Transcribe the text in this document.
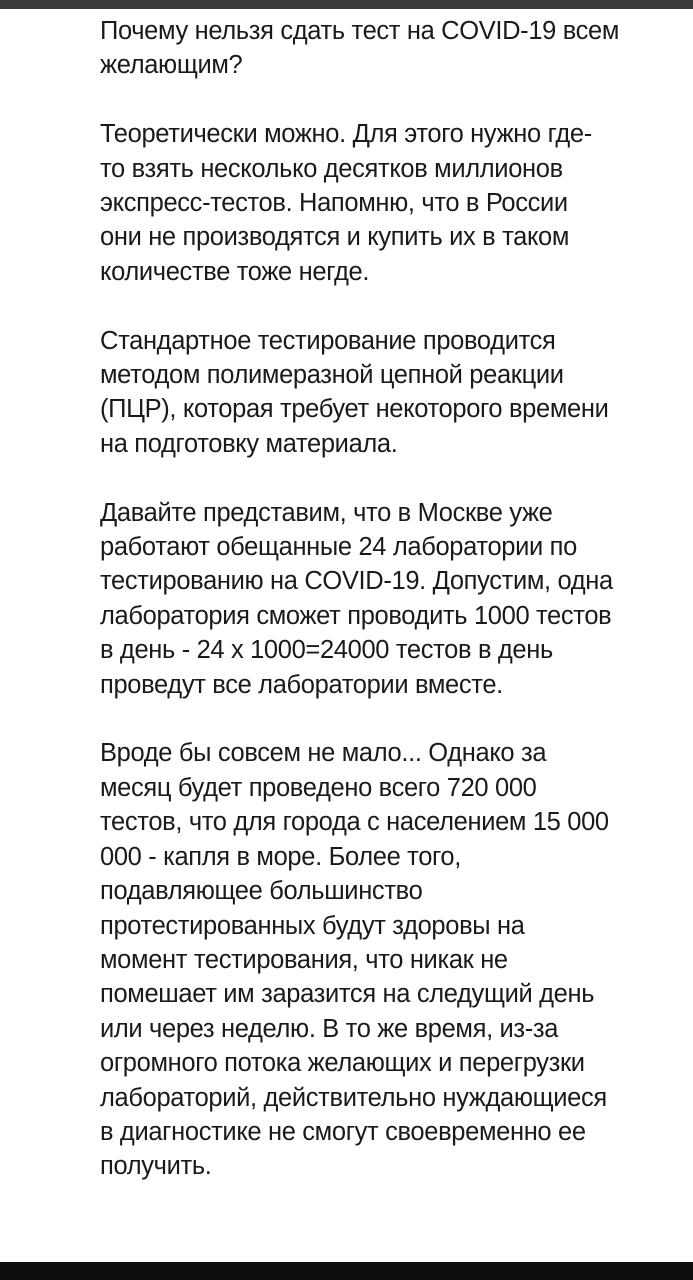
Почему нельзя сдать тест на COVID-19 всем
желающим?

Теоретически можно. Для этого нужно где-
то взять несколько десятков миллионов
экспресс-тестов. Напомню, что в России
они не производятся и купить их в таком
количестве тоже негде.

Стандартное тестирование проводится
методом полимеразной цепной реакции
(ПЦР), которая требует некоторого времени
на подготовку материала.

Давайте представим, что в Москве уже
работают обещанные 24 лаборатории по
тестированию на COVID-19. Допустим, одна
лаборатория сможет проводить 1000 тестов
в день - 24 х 1000=24000 тестов в день
проведут все лаборатории вместе.

Вроде бы совсем не мало... Однако за
месяц будет проведено всего 720 000
тестов, что для города с населением 15 000
000 - капля в море. Более того,
подавляющее большинство
протестированных будут здоровы на
момент тестирования, что никак не
помешает им заразится на следущий день
или через неделю. В то же время, из-за
огромного потока желающих и перегрузки
лабораторий, действительно нуждающиеся
в диагностике не смогут своевременно ее
получить.
